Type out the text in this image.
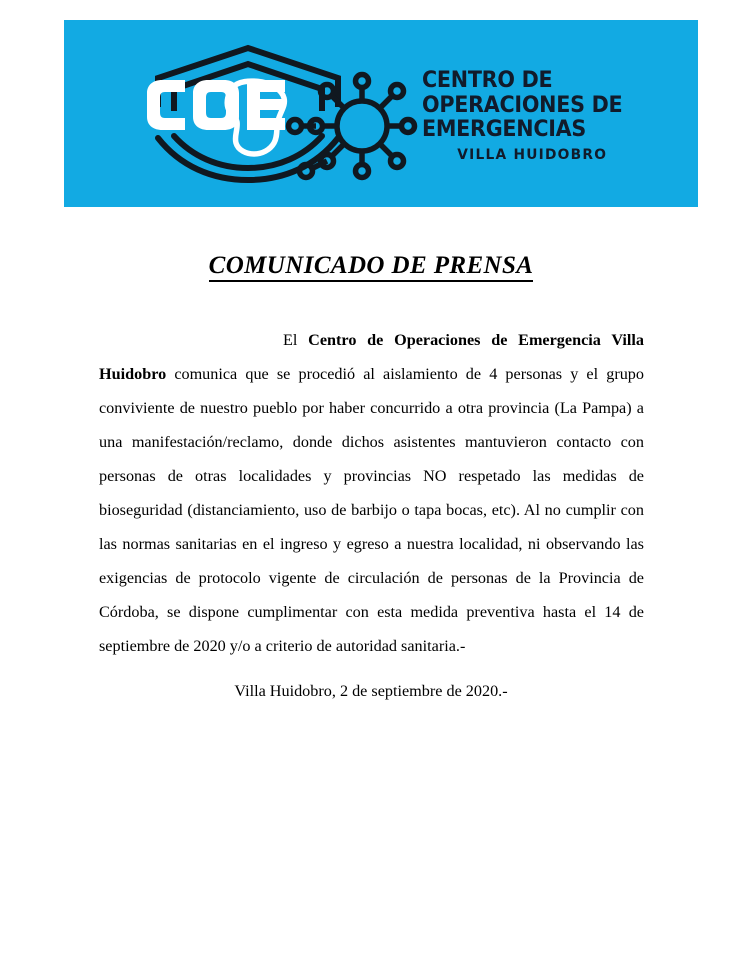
CENTRO DE
OPERACIONES DE
EMERGENCIAS
VILLA HUIDOBRO
COMUNICADO DE PRENSA

El Centro de Operaciones de Emergencia Villa Huidobro comunica que se procedió al aislamiento de 4 personas y el grupo conviviente de nuestro pueblo por haber concurrido a otra provincia (La Pampa) a una manifestación/reclamo, donde dichos asistentes mantuvieron contacto con personas de otras localidades y provincias NO respetado las medidas de bioseguridad (distanciamiento, uso de barbijo o tapa bocas, etc). Al no cumplir con las normas sanitarias en el ingreso y egreso a nuestra localidad, ni observando las exigencias de protocolo vigente de circulación de personas de la Provincia de Córdoba, se dispone cumplimentar con esta medida preventiva hasta el 14 de septiembre de 2020 y/o a criterio de autoridad sanitaria.-

Villa Huidobro, 2 de septiembre de 2020.-
